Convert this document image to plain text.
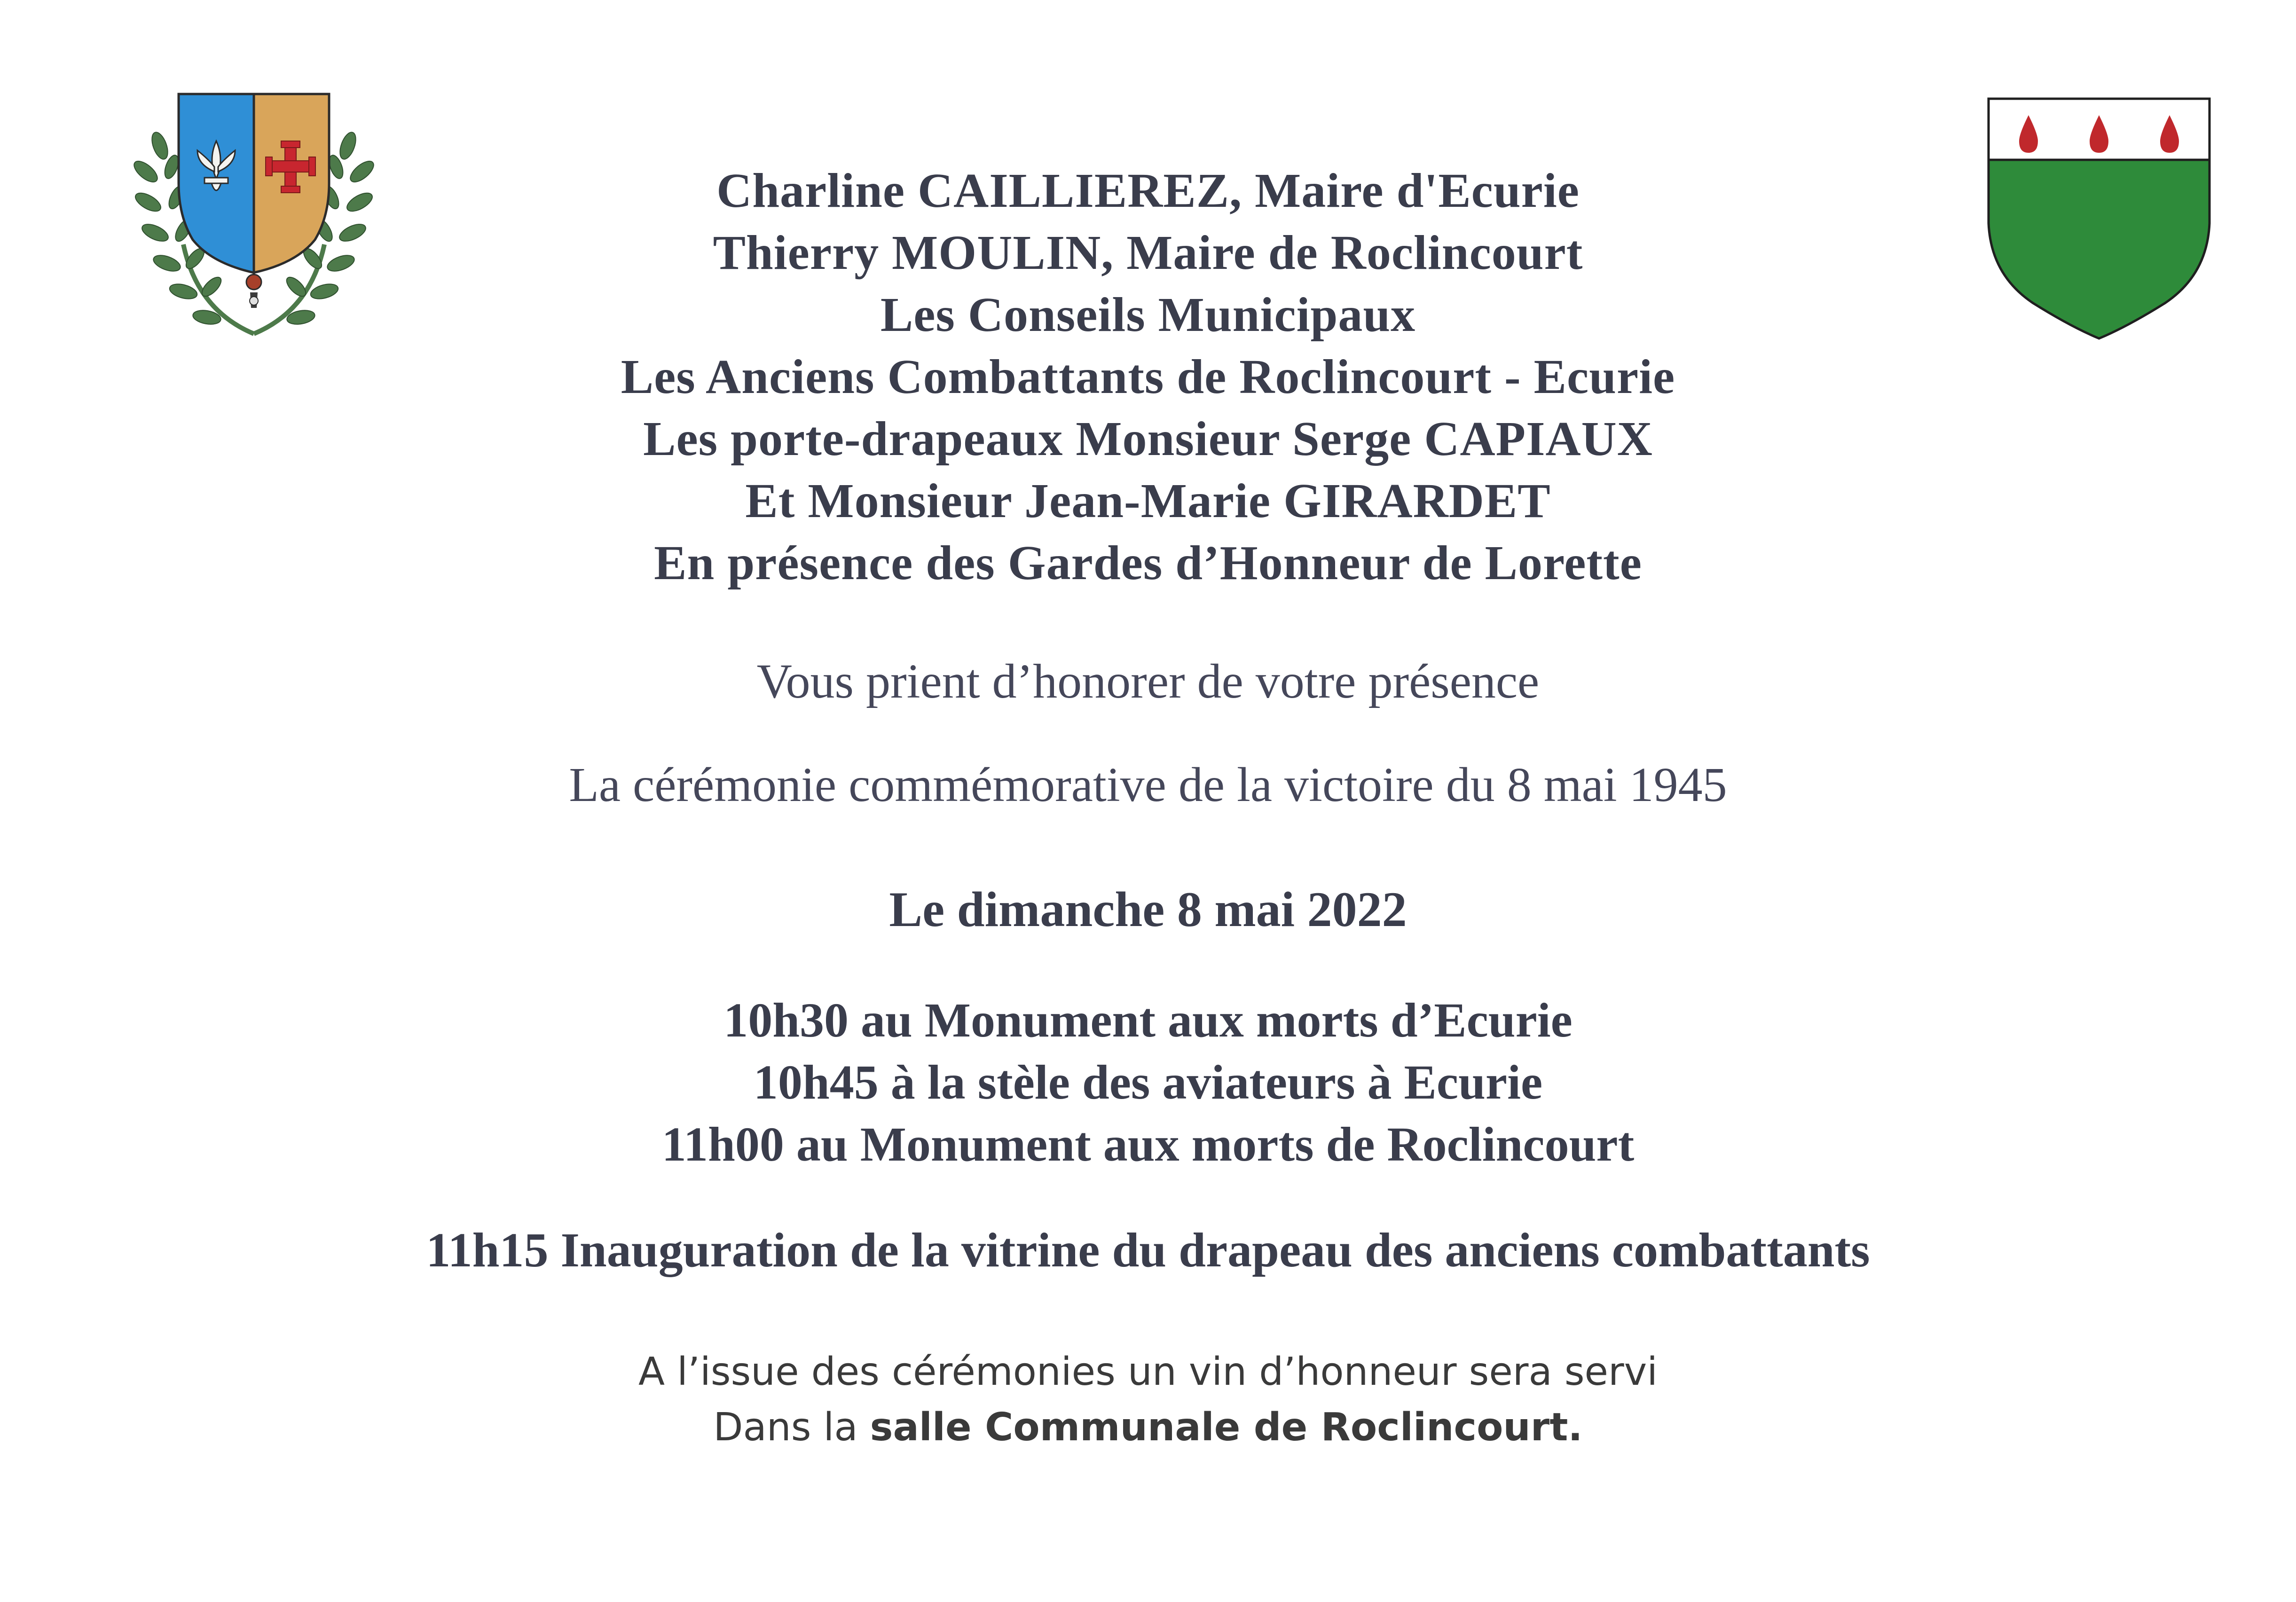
Charline CAILLIEREZ, Maire d'Ecurie
Thierry MOULIN, Maire de Roclincourt
Les Conseils Municipaux
Les Anciens Combattants de Roclincourt - Ecurie
Les porte-drapeaux Monsieur Serge CAPIAUX
Et Monsieur Jean-Marie GIRARDET
En présence des Gardes d’Honneur de Lorette
Vous prient d’honorer de votre présence
La cérémonie commémorative de la victoire du 8 mai 1945
Le dimanche 8 mai 2022
10h30 au Monument aux morts d’Ecurie
10h45 à la stèle des aviateurs à Ecurie
11h00 au Monument aux morts de Roclincourt
11h15 Inauguration de la vitrine du drapeau des anciens combattants
A l’issue des cérémonies un vin d’honneur sera servi
Dans la salle Communale de Roclincourt.
